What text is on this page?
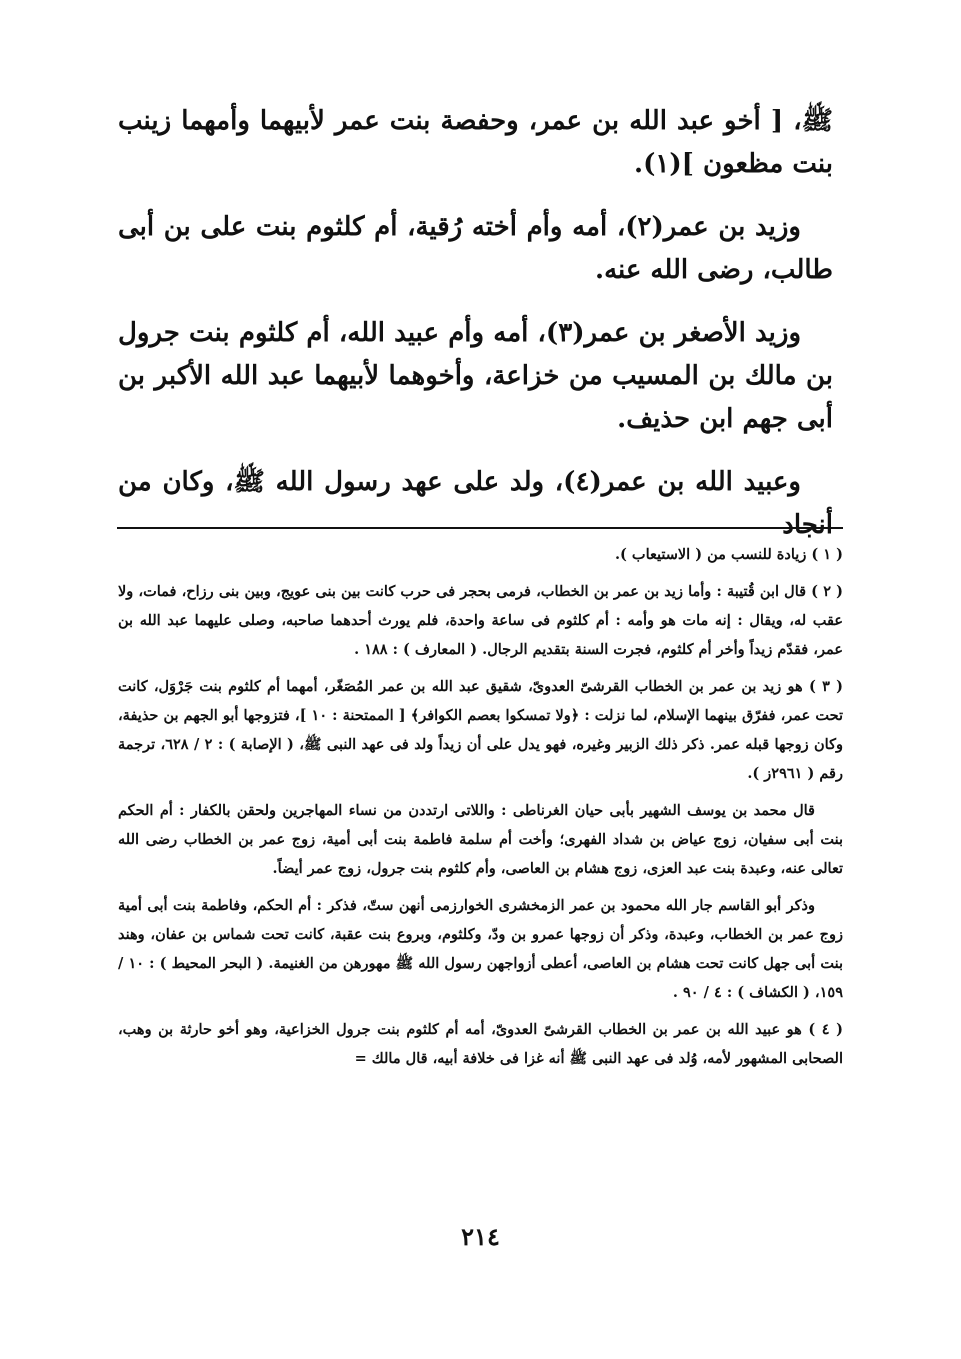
ﷺ، [ أخو عبد الله بن عمر، وحفصة بنت عمر لأبيهما وأمهما زينب بنت مظعون ](١).

وزيد بن عمر(٢)، أمه وأم أخته رُقية، أم كلثوم بنت على بن أبى طالب، رضى الله عنه.

وزيد الأصغر بن عمر(٣)، أمه وأم عبيد الله، أم كلثوم بنت جرول بن مالك بن المسيب من خزاعة، وأخوهما لأبيهما عبد الله الأكبر بن أبى جهم ابن حذيف.

وعبيد الله بن عمر(٤)، ولد على عهد رسول الله ﷺ، وكان من أنجاد

( ١ ) زيادة للنسب من ( الاستيعاب ).

( ٢ ) قال ابن قُتيبة : وأما زيد بن عمر بن الخطاب، فرمى بحجر فى حرب كانت بين بنى عويج، وبين بنى رزاح، فمات، ولا عقب له، ويقال : إنه مات هو وأمه : أم كلثوم فى ساعة واحدة، فلم يورث أحدهما صاحبه، وصلى عليهما عبد الله بن عمر، فقدّم زيداً وأخر أم كلثوم، فجرت السنة بتقديم الرجال. ( المعارف ) : ١٨٨ .

( ٣ ) هو زيد بن عمر بن الخطاب القرشىّ العدوىّ، شقيق عبد الله بن عمر المُصَغّر، أمهما أم كلثوم بنت جَرْوَل، كانت تحت عمر، ففرّق بينهما الإسلام، لما نزلت : ﴿ولا تمسكوا بعصم الكوافر﴾ [ الممتحنة : ١٠ ]، فتزوجها أبو الجهم بن حذيفة، وكان زوجها قبله عمر. ذكر ذلك الزبير وغيره، فهو يدل على أن زيداً ولد فى عهد النبى ﷺ، ( الإصابة ) : ٢ / ٦٢٨، ترجمة رقم ( ٢٩٦١ز ).

قال محمد بن يوسف الشهير بأبى حيان الغرناطى : واللاتى ارتددن من نساء المهاجرين ولحقن بالكفار : أم الحكم بنت أبى سفيان، زوج عياض بن شداد الفهرى؛ وأخت أم سلمة فاطمة بنت أبى أمية، زوج عمر بن الخطاب رضى الله تعالى عنه، وعبدة بنت عبد العزى، زوج هشام بن العاصى، وأم كلثوم بنت جرول، زوج عمر أيضاً.

وذكر أبو القاسم جار الله محمود بن عمر الزمخشرى الخوارزمى أنهن ستّ، فذكر : أم الحكم، وفاطمة بنت أبى أمية زوج عمر بن الخطاب، وعبدة، وذكر أن زوجها عمرو بن ودّ، وكلثوم، وبروع بنت عقبة، كانت تحت شماس بن عفان، وهند بنت أبى جهل كانت تحت هشام بن العاصى، أعطى أزواجهن رسول الله ﷺ مهورهن من الغنيمة. ( البحر المحيط ) : ١٠ / ١٥٩، ( الكشاف ) : ٤ / ٩٠ .

( ٤ ) هو عبيد الله بن عمر بن الخطاب القرشىّ العدوىّ، أمه أم كلثوم بنت جرول الخزاعية، وهو أخو حارثة بن وهب، الصحابى المشهور لأمه، وُلد فى عهد النبى ﷺ أنه غزا فى خلافة أبيه، قال مالك =

٢١٤
